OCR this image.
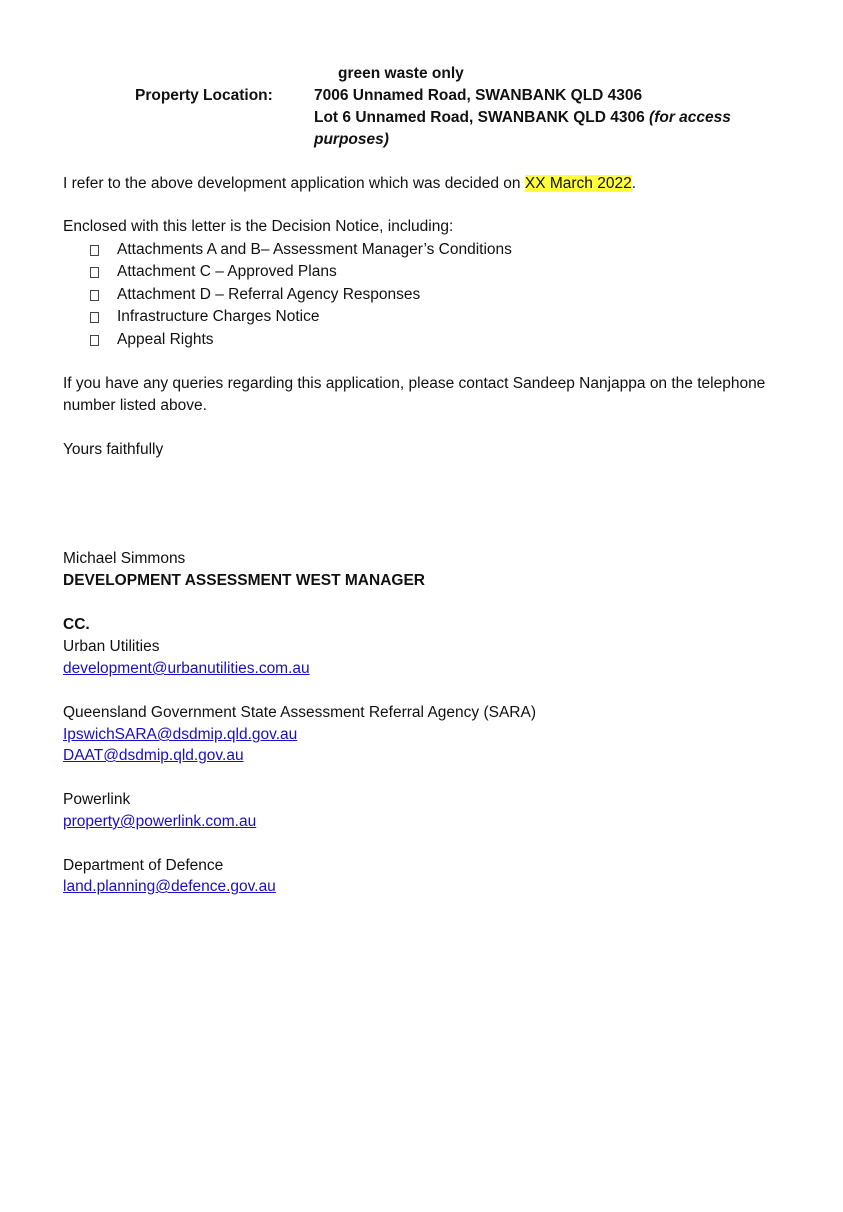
green waste only
Property Location:	7006 Unnamed Road, SWANBANK QLD 4306
Lot 6 Unnamed Road, SWANBANK QLD 4306 (for access
purposes)
I refer to the above development application which was decided on XX March 2022.
Enclosed with this letter is the Decision Notice, including:
Attachments A and B– Assessment Manager’s Conditions
Attachment C – Approved Plans
Attachment D – Referral Agency Responses
Infrastructure Charges Notice
Appeal Rights
If you have any queries regarding this application, please contact Sandeep Nanjappa on the telephone
number listed above.
Yours faithfully
Michael Simmons
DEVELOPMENT ASSESSMENT WEST MANAGER
CC.
Urban Utilities
development@urbanutilities.com.au
Queensland Government State Assessment Referral Agency (SARA)
IpswichSARA@dsdmip.qld.gov.au
DAAT@dsdmip.qld.gov.au
Powerlink
property@powerlink.com.au
Department of Defence
land.planning@defence.gov.au
